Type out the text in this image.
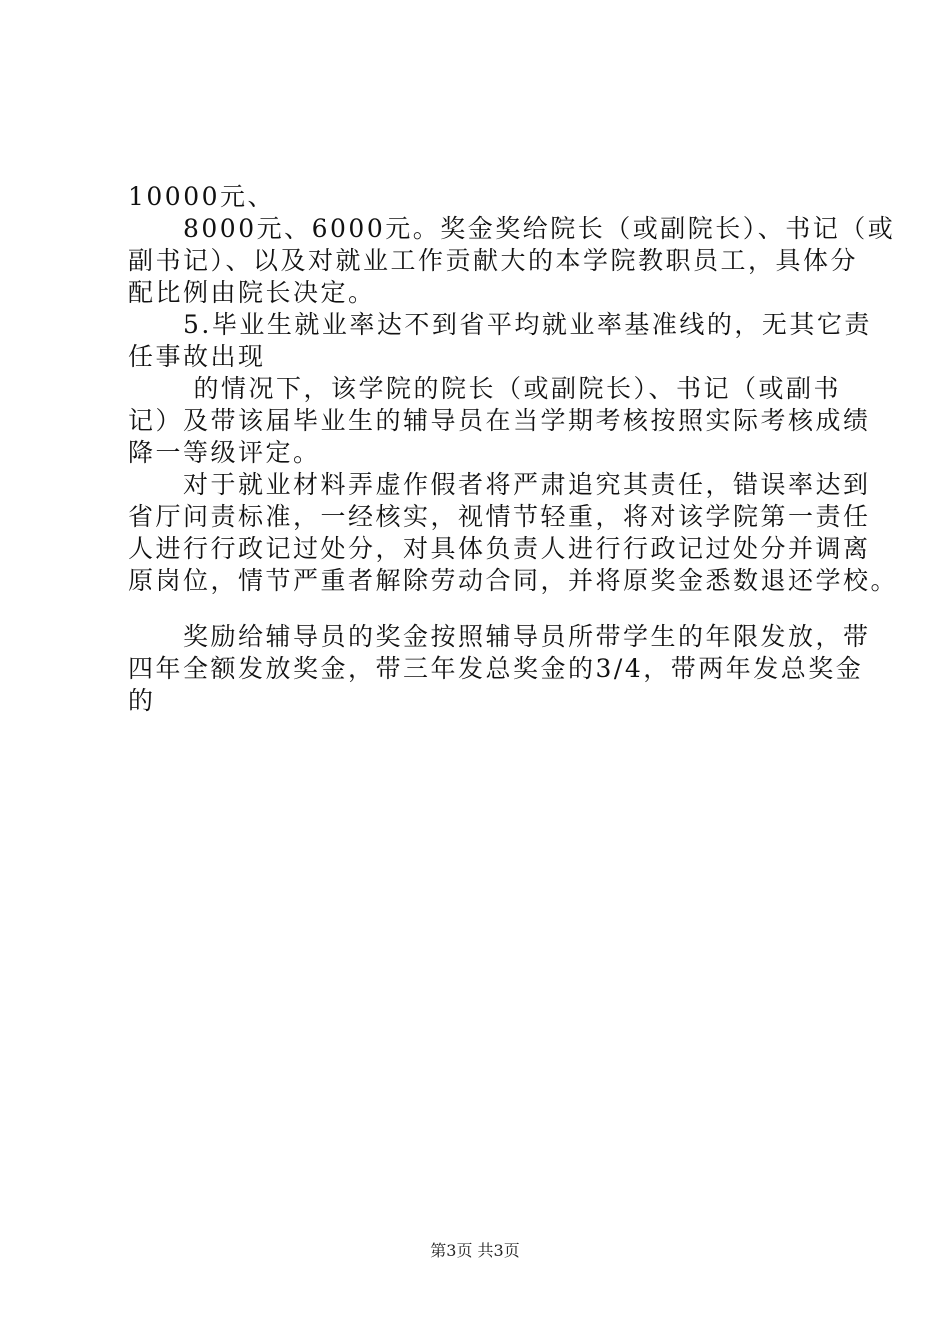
10000元、
　　8000元、6000元。奖金奖给院长（或副院长）、书记（或
副书记）、以及对就业工作贡献大的本学院教职员工，具体分
配比例由院长决定。
　　5.毕业生就业率达不到省平均就业率基准线的，无其它责
任事故出现
　　 的情况下，该学院的院长（或副院长）、书记（或副书
记）及带该届毕业生的辅导员在当学期考核按照实际考核成绩
降一等级评定。
　　对于就业材料弄虚作假者将严肃追究其责任，错误率达到
省厅问责标准，一经核实，视情节轻重，将对该学院第一责任
人进行行政记过处分，对具体负责人进行行政记过处分并调离
原岗位，情节严重者解除劳动合同，并将原奖金悉数退还学校。
　　奖励给辅导员的奖金按照辅导员所带学生的年限发放，带
四年全额发放奖金，带三年发总奖金的3/4，带两年发总奖金
的
第3页 共3页
